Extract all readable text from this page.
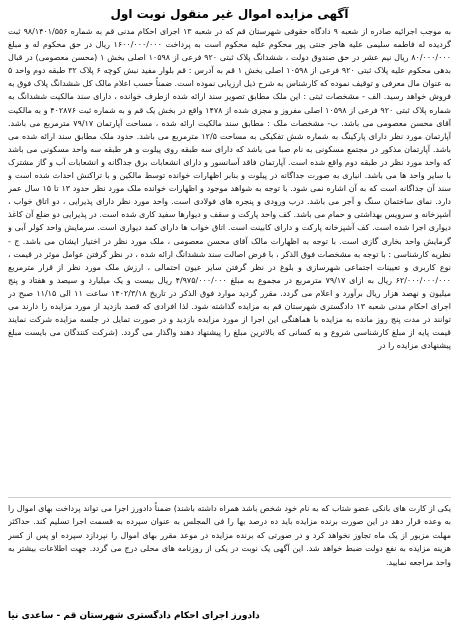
آگهی مزایده اموال غیر منقول نوبت اول

به موجب اجرائیه صادره از شعبه ۹ دادگاه حقوقی شهرستان قم که در شعبه ۱۳ اجرای احکام مدنی قم به شماره ۹۸/۱۴۰۱/۵۵۶ ثبت گردیده له فاطمه سلیمی علیه هاجر جنتی پور محکوم علیه محکوم است به پرداخت ۱۶۰۰/۰۰۰/۰۰۰ ریال در حق محکوم له و مبلغ ۸۰/۰۰۰/۰۰۰ ریال نیم عشر در حق صندوق دولت ، ششدانگ پلاک ثبتی ۹۲۰ فرعی از ۱۰۵۹۸ اصلی بخش ۱ (محسن معصومی) در قبال بدهی محکوم علیه پلاک ثبتی ۹۲۰ فرعی از ۱۰۵۹۸ اصلی بخش ۱ قم به آدرس : قم بلوار مفید نبش کوچه ۶ پلاک ۳۲ طبقه دوم واحد ۵ به عنوان مال معرفی و توقیف نموده که کارشناس به شرح ذیل ارزیابی نموده است. ضمناً حسب اعلام مالک کل ششدانگ پلاک فوق به فروش خواهد رسید. الف - مشخصات ثبتی : این ملک مطابق تصویر سند ارائه شده ازطرف خوانده ، دارای سند مالکیت ششدانگ به شماره پلاک ثبتی ۹۲۰ فرعی از ۱۰۵۹۸ اصلی مفروز و مجزی شده از ۱۴۷۸ واقع در بخش یک قم و به شماره ثبت ۴۰۲۸۷۶ و به مالکیت آقای محسن معصومی می باشد. ب- مشخصات ملک : مطابق سند مالکیت ارائه شده ، مساحت آپارتمان ۷۹/۱۷ مترمربع می باشد. آپارتمان مورد نظر دارای پارکینگ به شماره شش تفکیکی به مساحت ۱۲/۵ مترمربع می باشد. حدود ملک مطابق سند ارائه شده می باشد. آپارتمان مذکور در مجتمع مسکونی به نام صبا می باشد که دارای سه طبقه روی پیلوت و هر طبقه سه واحد مسکونی می باشد که واحد مورد نظر در طبقه دوم واقع شده است. آپارتمان فاقد آسانسور و دارای انشعابات برق جداگانه و انشعابات آب و گاز مشترک با سایر واحد ها می باشد. انباری به صورت جداگانه در پیلوت و بنابر اظهارات خوانده توسط مالکین و با تراکنش احداث شده است و سند آن جداگانه است که به آن اشاره نمی شود. با توجه به شواهد موجود و اظهارات خوانده ملک مورد نظر حدود ۱۳ تا ۱۵ سال عمر دارد. نمای ساختمان سنگ و آجر می باشد. درب ورودی و پنجره های فولادی است. واحد مورد نظر دارای پذیرایی ، دو اتاق خواب ، آشپزخانه و سرویس بهداشتی و حمام می باشد. کف واحد پارکت و سقف و دیوارها سفید کاری شده است. در پذیرایی دو ضلع آن کاغذ دیواری اجرا شده است. کف آشپزخانه پارکت و دارای کابینت است. اتاق خواب ها دارای کمد دیواری است. سرمایش واحد کولر آبی و گرمایش واحد بخاری گازی است. با توجه به اظهارات مالک آقای محسن معصومی ، ملک مورد نظر در اختیار ایشان می باشد. ج - نظریه کارشناسی : با توجه به مشخصات فوق الذکر ، با فرض اصالت سند ششدانگ ارائه شده ، در نظر گرفتن عوامل موثر در قیمت ، نوع کاربری و تعیینات اجتماعی شهرسازی و بلوغ در نظر گرفتن سایر عیون احتمالی ، ارزش ملک مورد نظر از قرار مترمربع ۶۲/۰۰۰/۰۰۰/۰۰۰ ریال به ازای ۷۹/۱۷ مترمربع در مجموع به مبلغ ۴/۹۷۵/۰۰۰/۰۰۰ ریال بیست و یک میلیارد و سیصد و هفتاد و پنج میلیون و نهصد هزار ریال برآورد و اعلام می گردد. مقرر گردید موارد فوق الذکر در تاریخ ۱۴۰۲/۳/۱۸ ساعت ۱۱ الی ۱۱/۱۵ صبح در اجرای احکام مدنی شعبه ۱۳ دادگستری شهرستان قم به مزایده گذاشته شود. لذا افرادی که قصد بازدید از مورد مزایده را دارند می توانند در مدت پنج روز مانده به مزایده با هماهنگی این اجرا از مورد مزایده بازدید و در صورت تمایل در جلسه مزایده شرکت نمایند قیمت پایه از مبلغ کارشناسی شروع و به کسانی که بالاترین مبلغ را پیشنهاد دهند واگذار می گردد. (شرکت کنندگان می بایست مبلغ پیشنهادی مزایده را در

یکی از کارت های بانکی عضو شتاب که به نام خود شخص باشد همراه داشته باشند) ضمناً دادورز اجرا می تواند پرداخت بهای اموال را به وعده قرار دهد در این صورت برنده مزایده باید ده درصد بها را فی المجلس به عنوان سپرده به قسمت اجرا تسلیم کند. حداکثر مهلت مزبور از یک ماه تجاوز نخواهد کرد و در صورتی که برنده مزایده در موعد مقرر بهای اموال را نپردازد سپرده او پس از کسر هزینه مزایده به نفع دولت ضبط خواهد شد. این آگهی یک نوبت در یکی از روزنامه های محلی درج می گردد. جهت اطلاعات بیشتر به واحد مراجعه نمایید.

دادورز اجرای احکام دادگستری شهرستان قم - ساعدی نیا
